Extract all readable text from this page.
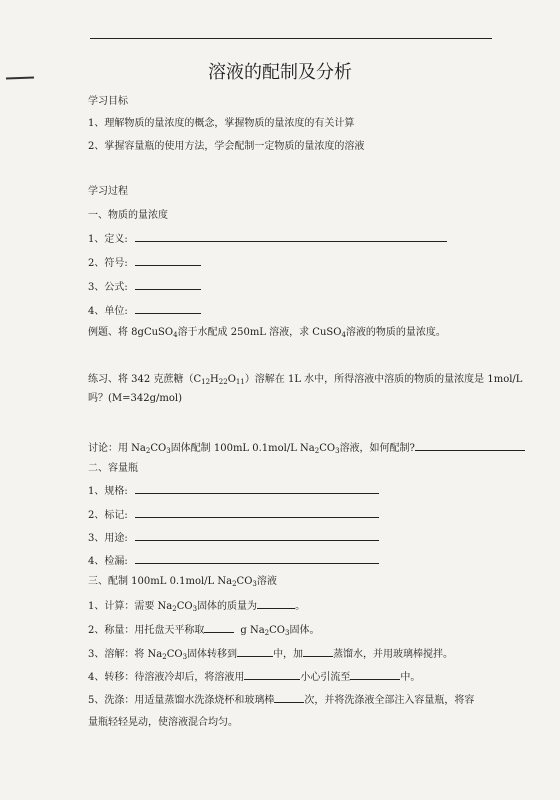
溶液的配制及分析
学习目标
1、理解物质的量浓度的概念，掌握物质的量浓度的有关计算
2、掌握容量瓶的使用方法，学会配制一定物质的量浓度的溶液
学习过程
一、物质的量浓度
1、定义:
2、符号:
3、公式:
4、单位:
例题、将 8gCuSO$_4$溶于水配成 250mL 溶液，求 CuSO$_4$溶液的物质的量浓度。
练习、将 342 克蔗糖$(C_{12}H_{22}O_{11})$溶解在 1L 水中，所得溶液中溶质的物质的量浓度是 1mol/L
吗？(M=342g/mol)
讨论：用 $Na_2CO_3$固体配制 100mL 0.1mol/L $Na_2CO_3$溶液，如何配制?
二、容量瓶
1、规格:
2、标记:
3、用途:
4、检漏:
三、配制 100mL 0.1mol/L $Na_2CO_3$溶液
1、计算：需要 $Na_2CO_3$固体的质量为	。
2、称量：用托盘天平称取	g $Na_2CO_3$固体。
3、溶解：将 $Na_2CO_3$固体转移到	中，加	蒸馏水，并用玻璃棒搅拌。
4、转移：待溶液冷却后，将溶液用	小心引流至	中。
5、洗涤：用适量蒸馏水洗涤烧杯和玻璃棒	次，并将洗涤液全部注入容量瓶，将容
量瓶轻轻晃动，使溶液混合均匀。
